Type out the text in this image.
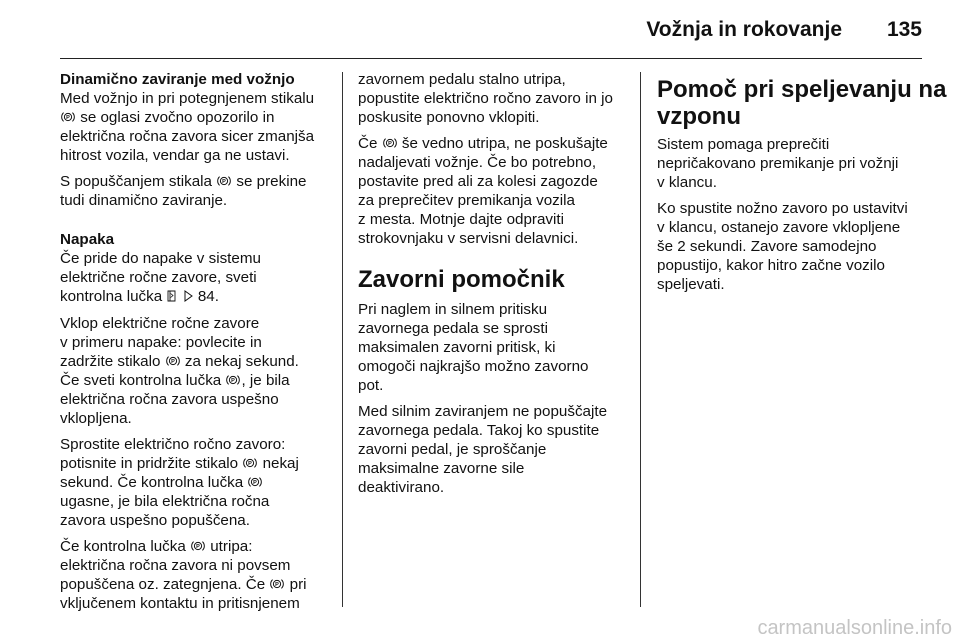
Vožnja in rokovanje 135
Dinamično zaviranje med vožnjo
Med vožnjo in pri potegnjenem stikalu
se oglasi zvočno opozorilo in
električna ročna zavora sicer zmanjša
hitrost vozila, vendar ga ne ustavi.
S popuščanjem stikala
se prekine
tudi dinamično zaviranje.
Napaka
Če pride do napake v sistemu
električne ročne zavore, sveti
kontrolna lučka
84.
Vklop električne ročne zavore
v primeru napake: povlecite in
zadržite stikalo
za nekaj sekund.
Če sveti kontrolna lučka
, je bila
električna ročna zavora uspešno
vklopljena.
Sprostite električno ročno zavoro:
potisnite in pridržite stikalo
nekaj
sekund. Če kontrolna lučka
ugasne, je bila električna ročna
zavora uspešno popuščena.
Če kontrolna lučka
utripa:
električna ročna zavora ni povsem
popuščena oz. zategnjena. Če
pri
vključenem kontaktu in pritisnjenem
zavornem pedalu stalno utripa,
popustite električno ročno zavoro in jo
poskusite ponovno vklopiti.
Če
še vedno utripa, ne poskušajte
nadaljevati vožnje. Če bo potrebno,
postavite pred ali za kolesi zagozde
za preprečitev premikanja vozila
z mesta. Motnje dajte odpraviti
strokovnjaku v servisni delavnici.
Zavorni pomočnik
Pri naglem in silnem pritisku
zavornega pedala se sprosti
maksimalen zavorni pritisk, ki
omogoči najkrajšo možno zavorno
pot.
Med silnim zaviranjem ne popuščajte
zavornega pedala. Takoj ko spustite
zavorni pedal, je sproščanje
maksimalne zavorne sile
deaktivirano.
Pomoč pri speljevanju na
vzponu
Sistem pomaga preprečiti
nepričakovano premikanje pri vožnji
v klancu.
Ko spustite nožno zavoro po ustavitvi
v klancu, ostanejo zavore vklopljene
še 2 sekundi. Zavore samodejno
popustijo, kakor hitro začne vozilo
speljevati.
carmanualsonline.info
